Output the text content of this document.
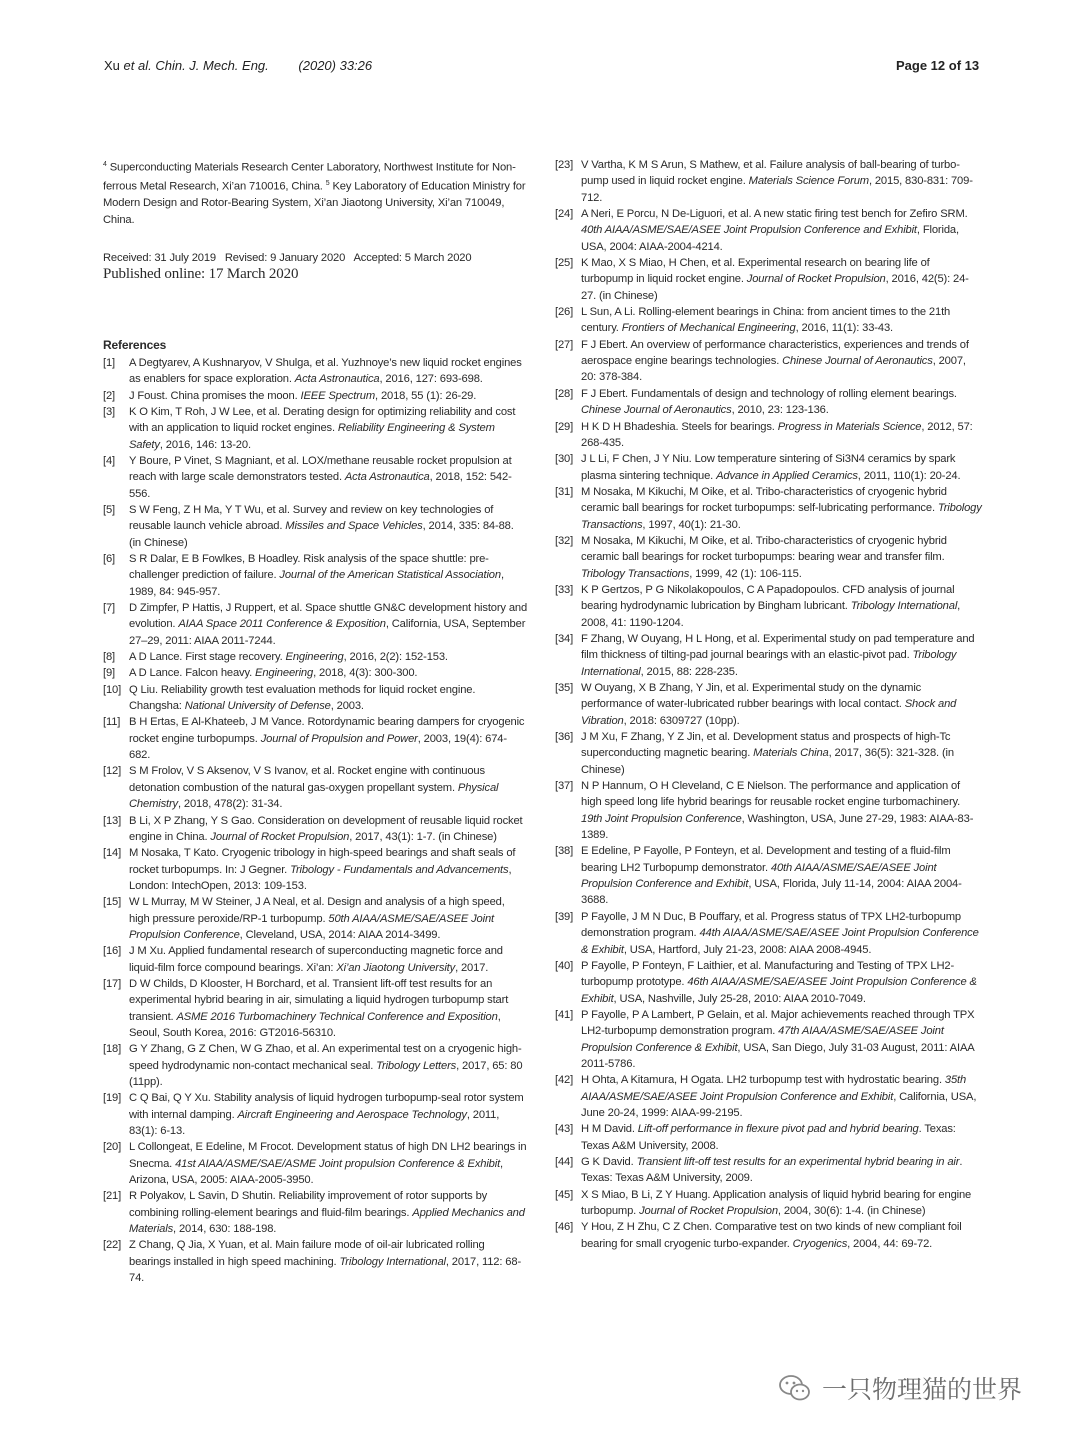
Xu et al. Chin. J. Mech. Eng. (2020) 33:26	Page 12 of 13

$^4$ Superconducting Materials Research Center Laboratory, Northwest Institute for Non-ferrous Metal Research, Xi’an 710016, China. $^5$ Key Laboratory of Education Ministry for Modern Design and Rotor-Bearing System, Xi’an Jiaotong University, Xi’an 710049, China.

Received: 31 July 2019   Revised: 9 January 2020   Accepted: 5 March 2020

Published online: 17 March 2020

References

[1]	A Degtyarev, A Kushnaryov, V Shulga, et al. Yuzhnoye’s new liquid rocket engines as enablers for space exploration. Acta Astronautica, 2016, 127: 693-698.
[2]	J Foust. China promises the moon. IEEE Spectrum, 2018, 55 (1): 26-29.
[3]	K O Kim, T Roh, J W Lee, et al. Derating design for optimizing reliability and cost with an application to liquid rocket engines. Reliability Engineering & System Safety, 2016, 146: 13-20.
[4]	Y Boure, P Vinet, S Magniant, et al. LOX/methane reusable rocket propulsion at reach with large scale demonstrators tested. Acta Astronautica, 2018, 152: 542-556.
[5]	S W Feng, Z H Ma, Y T Wu, et al. Survey and review on key technologies of reusable launch vehicle abroad. Missiles and Space Vehicles, 2014, 335: 84-88. (in Chinese)
[6]	S R Dalar, E B Fowlkes, B Hoadley. Risk analysis of the space shuttle: pre-challenger prediction of failure. Journal of the American Statistical Association, 1989, 84: 945-957.
[7]	D Zimpfer, P Hattis, J Ruppert, et al. Space shuttle GN&C development history and evolution. AIAA Space 2011 Conference & Exposition, California, USA, September 27–29, 2011: AIAA 2011-7244.
[8]	A D Lance. First stage recovery. Engineering, 2016, 2(2): 152-153.
[9]	A D Lance. Falcon heavy. Engineering, 2018, 4(3): 300-300.
[10] Q Liu. Reliability growth test evaluation methods for liquid rocket engine. Changsha: National University of Defense, 2003.
[11] B H Ertas, E Al-Khateeb, J M Vance. Rotordynamic bearing dampers for cryogenic rocket engine turbopumps. Journal of Propulsion and Power, 2003, 19(4): 674-682.
[12] S M Frolov, V S Aksenov, V S Ivanov, et al. Rocket engine with continuous detonation combustion of the natural gas-oxygen propellant system. Physical Chemistry, 2018, 478(2): 31-34.
[13] B Li, X P Zhang, Y S Gao. Consideration on development of reusable liquid rocket engine in China. Journal of Rocket Propulsion, 2017, 43(1): 1-7. (in Chinese)
[14] M Nosaka, T Kato. Cryogenic tribology in high-speed bearings and shaft seals of rocket turbopumps. In: J Gegner. Tribology - Fundamentals and Advancements, London: IntechOpen, 2013: 109-153.
[15] W L Murray, M W Steiner, J A Neal, et al. Design and analysis of a high speed, high pressure peroxide/RP-1 turbopump. 50th AIAA/ASME/SAE/ASEE Joint Propulsion Conference, Cleveland, USA, 2014: AIAA 2014-3499.
[16] J M Xu. Applied fundamental research of superconducting magnetic force and liquid-film force compound bearings. Xi’an: Xi’an Jiaotong University, 2017.
[17] D W Childs, D Klooster, H Borchard, et al. Transient lift-off test results for an experimental hybrid bearing in air, simulating a liquid hydrogen turbopump start transient. ASME 2016 Turbomachinery Technical Conference and Exposition, Seoul, South Korea, 2016: GT2016-56310.
[18] G Y Zhang, G Z Chen, W G Zhao, et al. An experimental test on a cryogenic high-speed hydrodynamic non-contact mechanical seal. Tribology Letters, 2017, 65: 80 (11pp).
[19] C Q Bai, Q Y Xu. Stability analysis of liquid hydrogen turbopump-seal rotor system with internal damping. Aircraft Engineering and Aerospace Technology, 2011, 83(1): 6-13.
[20] L Collongeat, E Edeline, M Frocot. Development status of high DN LH2 bearings in Snecma. 41st AIAA/ASME/SAE/ASME Joint propulsion Conference & Exhibit, Arizona, USA, 2005: AIAA-2005-3950.
[21] R Polyakov, L Savin, D Shutin. Reliability improvement of rotor supports by combining rolling-element bearings and fluid-film bearings. Applied Mechanics and Materials, 2014, 630: 188-198.
[22] Z Chang, Q Jia, X Yuan, et al. Main failure mode of oil-air lubricated rolling bearings installed in high speed machining. Tribology International, 2017, 112: 68-74.
[23] V Vartha, K M S Arun, S Mathew, et al. Failure analysis of ball-bearing of turbo-pump used in liquid rocket engine. Materials Science Forum, 2015, 830-831: 709-712.
[24] A Neri, E Porcu, N De-Liguori, et al. A new static firing test bench for Zefiro SRM. 40th AIAA/ASME/SAE/ASEE Joint Propulsion Conference and Exhibit, Florida, USA, 2004: AIAA-2004-4214.
[25] K Mao, X S Miao, H Chen, et al. Experimental research on bearing life of turbopump in liquid rocket engine. Journal of Rocket Propulsion, 2016, 42(5): 24-27. (in Chinese)
[26] L Sun, A Li. Rolling-element bearings in China: from ancient times to the 21th century. Frontiers of Mechanical Engineering, 2016, 11(1): 33-43.
[27] F J Ebert. An overview of performance characteristics, experiences and trends of aerospace engine bearings technologies. Chinese Journal of Aeronautics, 2007, 20: 378-384.
[28] F J Ebert. Fundamentals of design and technology of rolling element bearings. Chinese Journal of Aeronautics, 2010, 23: 123-136.
[29] H K D H Bhadeshia. Steels for bearings. Progress in Materials Science, 2012, 57: 268-435.
[30] J L Li, F Chen, J Y Niu. Low temperature sintering of Si3N4 ceramics by spark plasma sintering technique. Advance in Applied Ceramics, 2011, 110(1): 20-24.
[31] M Nosaka, M Kikuchi, M Oike, et al. Tribo-characteristics of cryogenic hybrid ceramic ball bearings for rocket turbopumps: self-lubricating performance. Tribology Transactions, 1997, 40(1): 21-30.
[32] M Nosaka, M Kikuchi, M Oike, et al. Tribo-characteristics of cryogenic hybrid ceramic ball bearings for rocket turbopumps: bearing wear and transfer film. Tribology Transactions, 1999, 42 (1): 106-115.
[33] K P Gertzos, P G Nikolakopoulos, C A Papadopoulos. CFD analysis of journal bearing hydrodynamic lubrication by Bingham lubricant. Tribology International, 2008, 41: 1190-1204.
[34] F Zhang, W Ouyang, H L Hong, et al. Experimental study on pad temperature and film thickness of tilting-pad journal bearings with an elastic-pivot pad. Tribology International, 2015, 88: 228-235.
[35] W Ouyang, X B Zhang, Y Jin, et al. Experimental study on the dynamic performance of water-lubricated rubber bearings with local contact. Shock and Vibration, 2018: 6309727 (10pp).
[36] J M Xu, F Zhang, Y Z Jin, et al. Development status and prospects of high-Tc superconducting magnetic bearing. Materials China, 2017, 36(5): 321-328. (in Chinese)
[37] N P Hannum, O H Cleveland, C E Nielson. The performance and application of high speed long life hybrid bearings for reusable rocket engine turbomachinery. 19th Joint Propulsion Conference, Washington, USA, June 27-29, 1983: AIAA-83-1389.
[38] E Edeline, P Fayolle, P Fonteyn, et al. Development and testing of a fluid-film bearing LH2 Turbopump demonstrator. 40th AIAA/ASME/SAE/ASEE Joint Propulsion Conference and Exhibit, USA, Florida, July 11-14, 2004: AIAA 2004-3688.
[39] P Fayolle, J M N Duc, B Pouffary, et al. Progress status of TPX LH2-turbopump demonstration program. 44th AIAA/ASME/SAE/ASEE Joint Propulsion Conference & Exhibit, USA, Hartford, July 21-23, 2008: AIAA 2008-4945.
[40] P Fayolle, P Fonteyn, F Laithier, et al. Manufacturing and Testing of TPX LH2-turbopump prototype. 46th AIAA/ASME/SAE/ASEE Joint Propulsion Conference & Exhibit, USA, Nashville, July 25-28, 2010: AIAA 2010-7049.
[41] P Fayolle, P A Lambert, P Gelain, et al. Major achievements reached through TPX LH2-turbopump demonstration program. 47th AIAA/ASME/SAE/ASEE Joint Propulsion Conference & Exhibit, USA, San Diego, July 31-03 August, 2011: AIAA 2011-5786.
[42] H Ohta, A Kitamura, H Ogata. LH2 turbopump test with hydrostatic bearing. 35th AIAA/ASME/SAE/ASEE Joint Propulsion Conference and Exhibit, California, USA, June 20-24, 1999: AIAA-99-2195.
[43] H M David. Lift-off performance in flexure pivot pad and hybrid bearing. Texas: Texas A&M University, 2008.
[44] G K David. Transient lift-off test results for an experimental hybrid bearing in air. Texas: Texas A&M University, 2009.
[45] X S Miao, B Li, Z Y Huang. Application analysis of liquid hybrid bearing for engine turbopump. Journal of Rocket Propulsion, 2004, 30(6): 1-4. (in Chinese)
[46] Y Hou, Z H Zhu, C Z Chen. Comparative test on two kinds of new compliant foil bearing for small cryogenic turbo-expander. Cryogenics, 2004, 44: 69-72.
一只物理猫的世界
